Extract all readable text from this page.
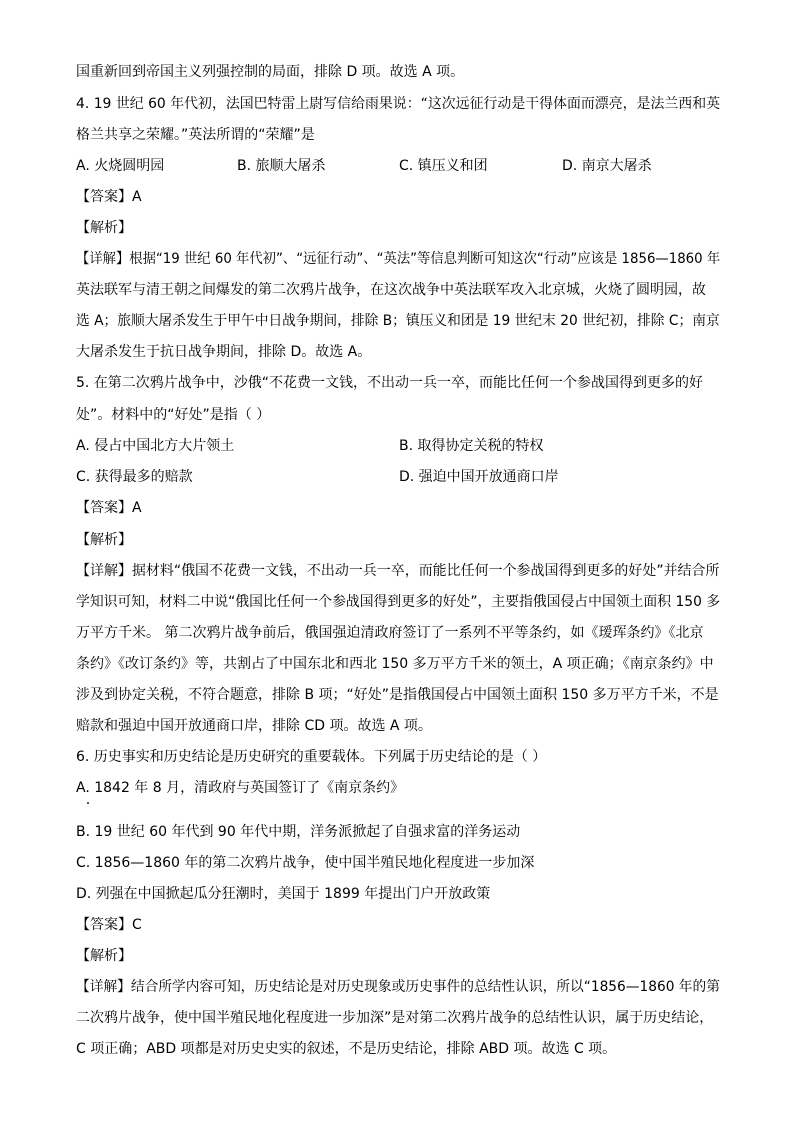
国重新回到帝国主义列强控制的局面，排除 D 项。故选 A 项。
4. 19 世纪 60 年代初，法国巴特雷上尉写信给雨果说：“这次远征行动是干得体面而漂亮，是法兰西和英
格兰共享之荣耀。”英法所谓的“荣耀”是
A. 火烧圆明园	B. 旅顺大屠杀	C. 镇压义和团	D. 南京大屠杀
【答案】A
【解析】
【详解】根据“19 世纪 60 年代初”、“远征行动”、“英法”等信息判断可知这次“行动”应该是 1856—1860 年
英法联军与清王朝之间爆发的第二次鸦片战争，在这次战争中英法联军攻入北京城，火烧了圆明园，故
选 A；旅顺大屠杀发生于甲午中日战争期间，排除 B；镇压义和团是 19 世纪末 20 世纪初，排除 C；南京
大屠杀发生于抗日战争期间，排除 D。故选 A。
5. 在第二次鸦片战争中，沙俄“不花费一文钱，不出动一兵一卒，而能比任何一个参战国得到更多的好
处”。材料中的“好处”是指（ ）
A. 侵占中国北方大片领土	B. 取得协定关税的特权
C. 获得最多的赔款	D. 强迫中国开放通商口岸
【答案】A
【解析】
【详解】据材料“俄国不花费一文钱，不出动一兵一卒，而能比任何一个参战国得到更多的好处”并结合所
学知识可知，材料二中说“俄国比任何一个参战国得到更多的好处”，主要指俄国侵占中国领土面积 150 多
万平方千米。 第二次鸦片战争前后，俄国强迫清政府签订了一系列不平等条约，如《瑷珲条约》《北京
条约》《改订条约》等，共割占了中国东北和西北 150 多万平方千米的领土，A 项正确；《南京条约》中
涉及到协定关税，不符合题意，排除 B 项；“好处”是指俄国侵占中国领土面积 150 多万平方千米，不是
赔款和强迫中国开放通商口岸，排除 CD 项。故选 A 项。
6. 历史事实和历史结论是历史研究的重要载体。下列属于历史结论的是（ ）
A. 1842 年 8 月，清政府与英国签订了《南京条约》
B. 19 世纪 60 年代到 90 年代中期，洋务派掀起了自强求富的洋务运动
C. 1856—1860 年的第二次鸦片战争，使中国半殖民地化程度进一步加深
D. 列强在中国掀起瓜分狂潮时，美国于 1899 年提出门户开放政策
【答案】C
【解析】
【详解】结合所学内容可知，历史结论是对历史现象或历史事件的总结性认识，所以“1856—1860 年的第
二次鸦片战争，使中国半殖民地化程度进一步加深”是对第二次鸦片战争的总结性认识，属于历史结论，
C 项正确；ABD 项都是对历史史实的叙述，不是历史结论，排除 ABD 项。故选 C 项。
